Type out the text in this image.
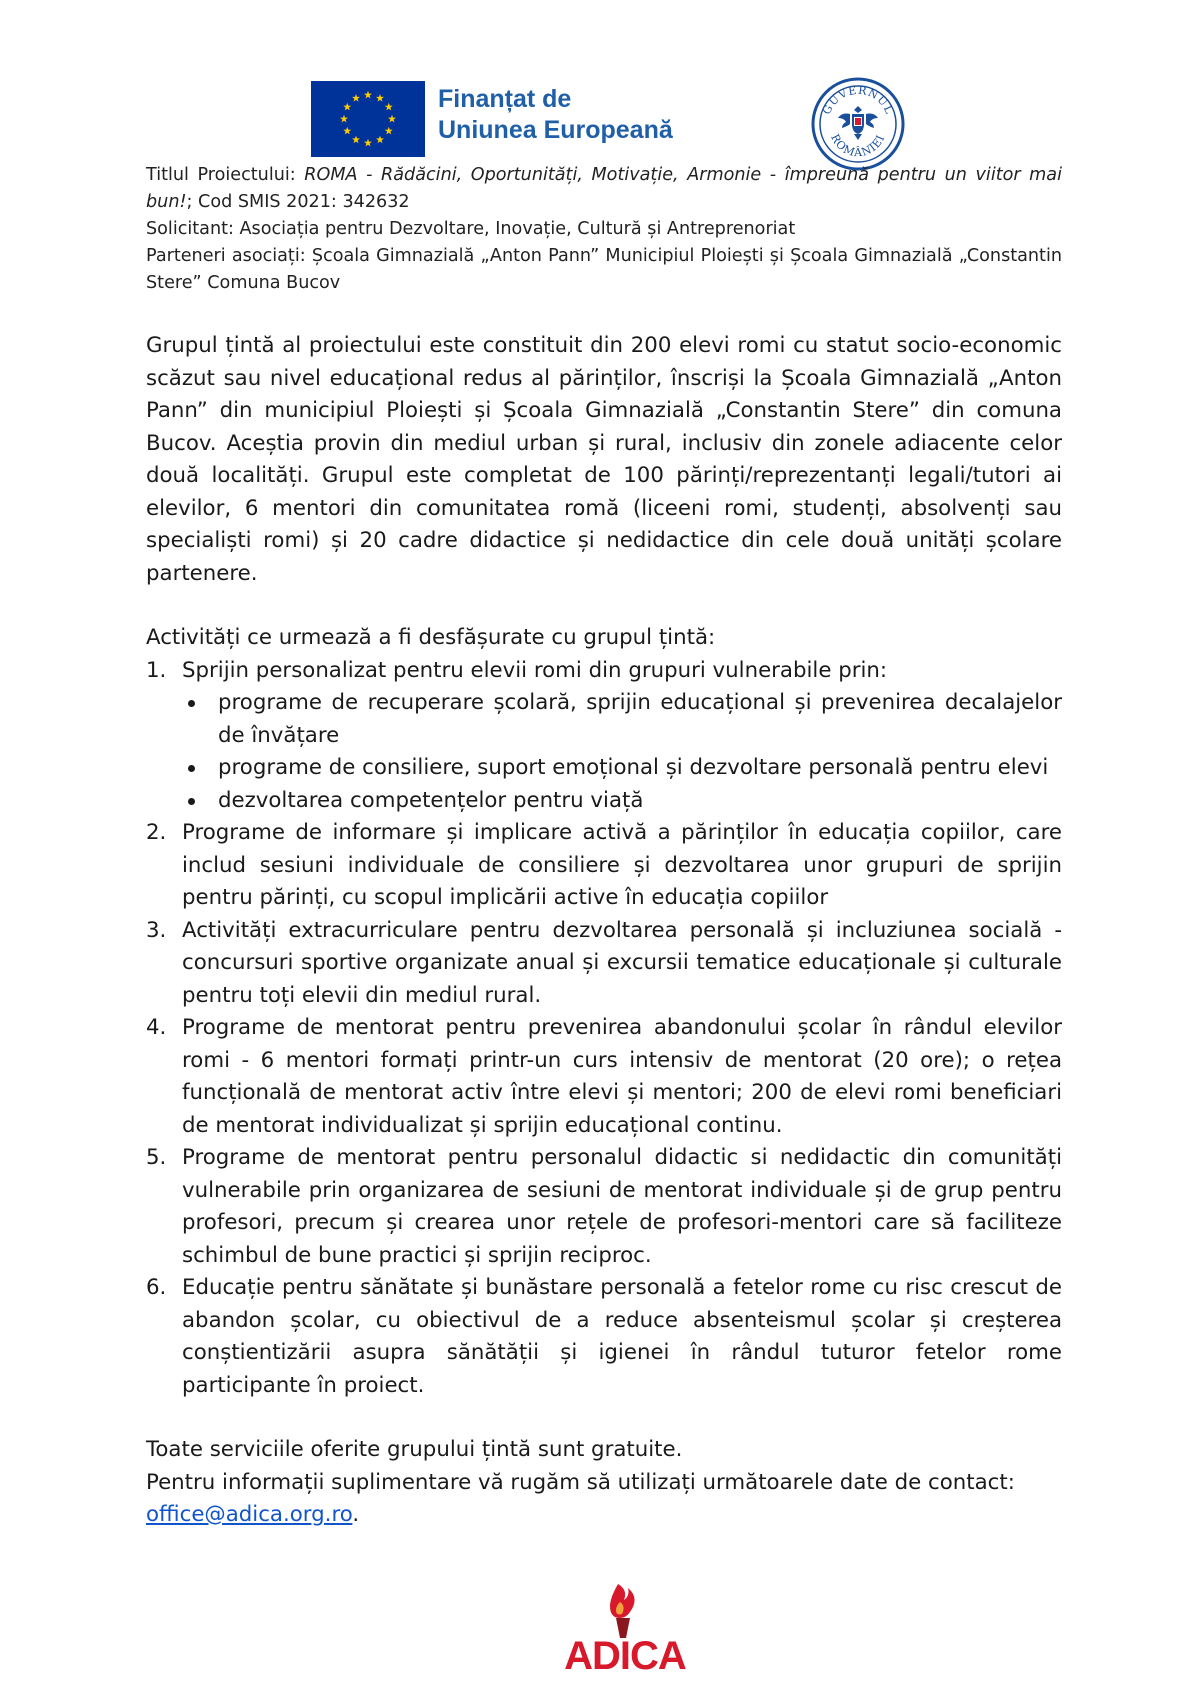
Finanțat de
Uniunea Europeană
GUVERNUL
ROMÂNIEI

Titlul Proiectului: ROMA - Rădăcini, Oportunități, Motivație, Armonie - împreună pentru un viitor mai bun!; Cod SMIS 2021: 342632

Solicitant: Asociația pentru Dezvoltare, Inovație, Cultură și Antreprenoriat

Parteneri asociați: Școala Gimnazială „Anton Pann” Municipiul Ploiești și Școala Gimnazială „Constantin Stere” Comuna Bucov

Grupul țintă al proiectului este constituit din 200 elevi romi cu statut socio-economic scăzut sau nivel educațional redus al părinților, înscriși la Școala Gimnazială „Anton Pann” din municipiul Ploiești și Școala Gimnazială „Constantin Stere” din comuna Bucov. Aceștia provin din mediul urban și rural, inclusiv din zonele adiacente celor două localități. Grupul este completat de 100 părinți/reprezentanți legali/tutori ai elevilor, 6 mentori din comunitatea romă (liceeni romi, studenți, absolvenți sau specialiști romi) și 20 cadre didactice și nedidactice din cele două unități școlare partenere.

Activități ce urmează a fi desfășurate cu grupul țintă:

1. Sprijin personalizat pentru elevii romi din grupuri vulnerabile prin:
programe de recuperare școlară, sprijin educațional și prevenirea decalajelor de învățare
programe de consiliere, suport emoțional și dezvoltare personală pentru elevi
dezvoltarea competențelor pentru viață
2. Programe de informare și implicare activă a părinților în educația copiilor, care includ sesiuni individuale de consiliere și dezvoltarea unor grupuri de sprijin pentru părinți, cu scopul implicării active în educația copiilor
3. Activități extracurriculare pentru dezvoltarea personală și incluziunea socială - concursuri sportive organizate anual și excursii tematice educaționale și culturale pentru toți elevii din mediul rural.
4. Programe de mentorat pentru prevenirea abandonului școlar în rândul elevilor romi - 6 mentori formați printr-un curs intensiv de mentorat (20 ore); o rețea funcțională de mentorat activ între elevi și mentori; 200 de elevi romi beneficiari de mentorat individualizat și sprijin educațional continu.
5. Programe de mentorat pentru personalul didactic si nedidactic din comunități vulnerabile prin organizarea de sesiuni de mentorat individuale și de grup pentru profesori, precum și crearea unor rețele de profesori-mentori care să faciliteze schimbul de bune practici și sprijin reciproc.
6. Educație pentru sănătate și bunăstare personală a fetelor rome cu risc crescut de abandon școlar, cu obiectivul de a reduce absenteismul școlar și creșterea conștientizării asupra sănătății și igienei în rândul tuturor fetelor rome participante în proiect.

Toate serviciile oferite grupului țintă sunt gratuite.

Pentru informații suplimentare vă rugăm să utilizați următoarele date de contact:

office@adica.org.ro.

ADICA
